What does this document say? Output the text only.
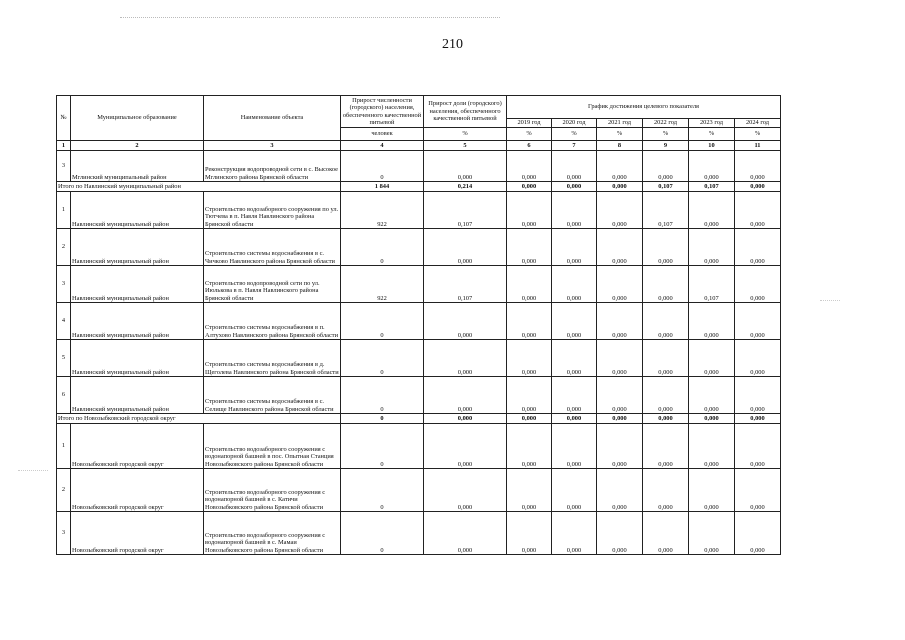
210
№	Муниципальное образование	Наименование объекта	Прирост численности (городского) населения, обеспеченного качественной питьевой	Прирост доли (городского) населения, обеспеченного качественной питьевой	График достижения целевого показателя					
					2019 год	2020 год	2021 год	2022 год	2023 год	2024 год
			человек	%	%	%	%	%	%	%
1	2	3	4	5	6	7	8	9	10	11
3	Мглинский муниципальный район	Реконструкция водопроводной сети в с. Высокое Мглинского района Брянской области	0	0,000	0,000	0,000	0,000	0,000	0,000	0,000
Итого по Навлинский муниципальный район			1 844	0,214	0,000	0,000	0,000	0,107	0,107	0,000
1	Навлинский муниципальный район	Строительство водозаборного сооружения по ул. Тютчева в п. Навля Навлинского района Брянской области	922	0,107	0,000	0,000	0,000	0,107	0,000	0,000
2	Навлинский муниципальный район	Строительство системы водоснабжения в с. Чичково Навлинского района Брянской области	0	0,000	0,000	0,000	0,000	0,000	0,000	0,000
3	Навлинский муниципальный район	Строительство водопроводной сети по ул. Июлькова в п. Навля Навлинского района Брянской области	922	0,107	0,000	0,000	0,000	0,000	0,107	0,000
4	Навлинский муниципальный район	Строительство системы водоснабжения в п. Алтухово Навлинского района Брянской области	0	0,000	0,000	0,000	0,000	0,000	0,000	0,000
5	Навлинский муниципальный район	Строительство системы водоснабжения в д. Щеголева Навлинского района Брянской области	0	0,000	0,000	0,000	0,000	0,000	0,000	0,000
6	Навлинский муниципальный район	Строительство системы водоснабжения в с. Селище Навлинского района Брянской области	0	0,000	0,000	0,000	0,000	0,000	0,000	0,000
Итого по Новозыбковский городской округ			0	0,000	0,000	0,000	0,000	0,000	0,000	0,000
1	Новозыбковский городской округ	Строительство водозаборного сооружения с водонапорной башней в пос. Опытная Станция Новозыбковского района Брянской области	0	0,000	0,000	0,000	0,000	0,000	0,000	0,000
2	Новозыбковский городской округ	Строительство водозаборного сооружения с водонапорной башней в с. Катичи Новозыбковского района Брянской области	0	0,000	0,000	0,000	0,000	0,000	0,000	0,000
3	Новозыбковский городской округ	Строительство водозаборного сооружения с водонапорной башней в с. Мамаи Новозыбковского района Брянской области	0	0,000	0,000	0,000	0,000	0,000	0,000	0,000
